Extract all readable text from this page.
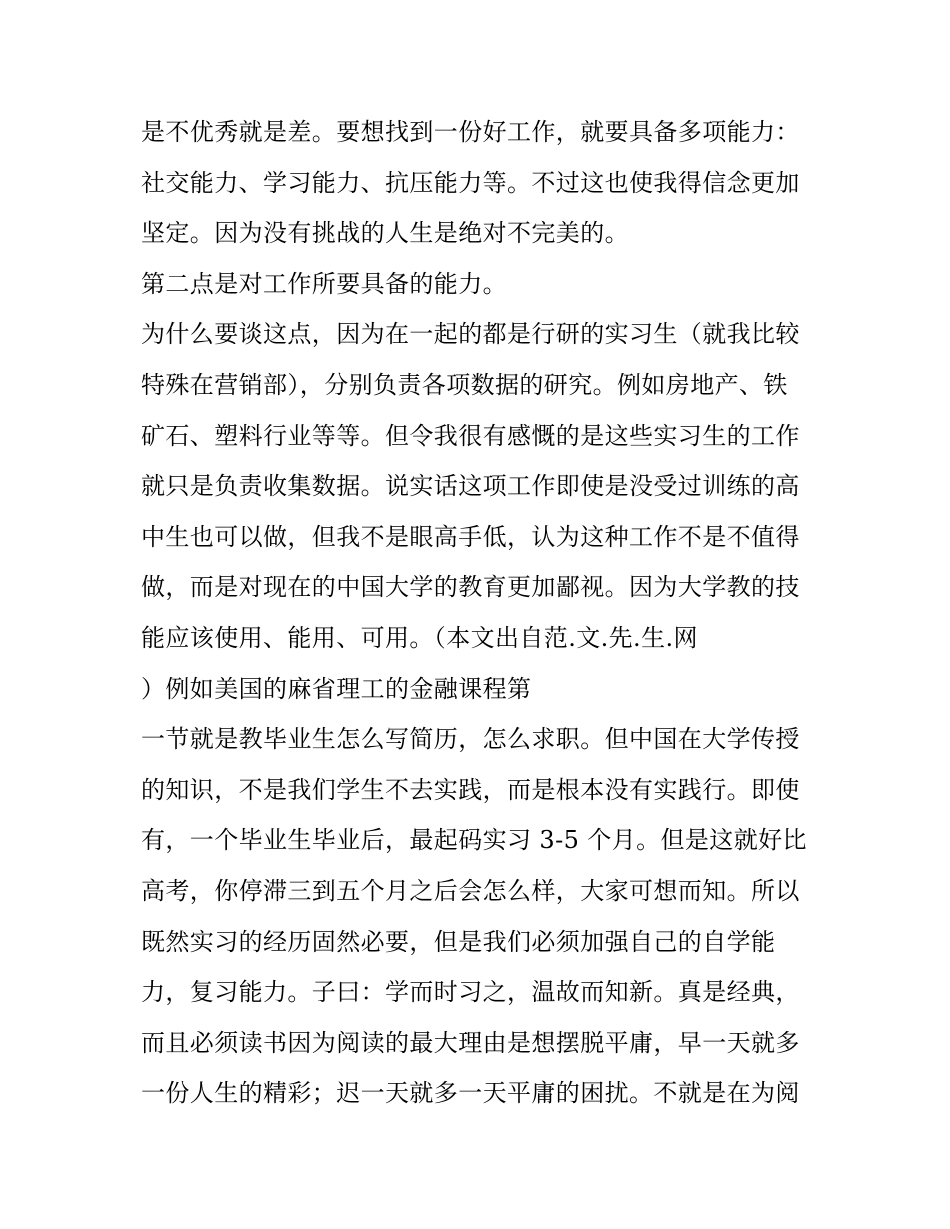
是不优秀就是差。要想找到一份好工作，就要具备多项能力：
社交能力、学习能力、抗压能力等。不过这也使我得信念更加
坚定。因为没有挑战的人生是绝对不完美的。
第二点是对工作所要具备的能力。
为什么要谈这点，因为在一起的都是行研的实习生（就我比较
特殊在营销部），分别负责各项数据的研究。例如房地产、铁
矿石、塑料行业等等。但令我很有感慨的是这些实习生的工作
就只是负责收集数据。说实话这项工作即使是没受过训练的高
中生也可以做，但我不是眼高手低，认为这种工作不是不值得
做，而是对现在的中国大学的教育更加鄙视。因为大学教的技
能应该使用、能用、可用。（本文出自范.文.先.生.网
）例如美国的麻省理工的金融课程第
一节就是教毕业生怎么写简历，怎么求职。但中国在大学传授
的知识，不是我们学生不去实践，而是根本没有实践行。即使
有，一个毕业生毕业后，最起码实习 3-5 个月。但是这就好比
高考，你停滞三到五个月之后会怎么样，大家可想而知。所以
既然实习的经历固然必要，但是我们必须加强自己的自学能
力，复习能力。子曰：学而时习之，温故而知新。真是经典，
而且必须读书因为阅读的最大理由是想摆脱平庸，早一天就多
一份人生的精彩；迟一天就多一天平庸的困扰。不就是在为阅
